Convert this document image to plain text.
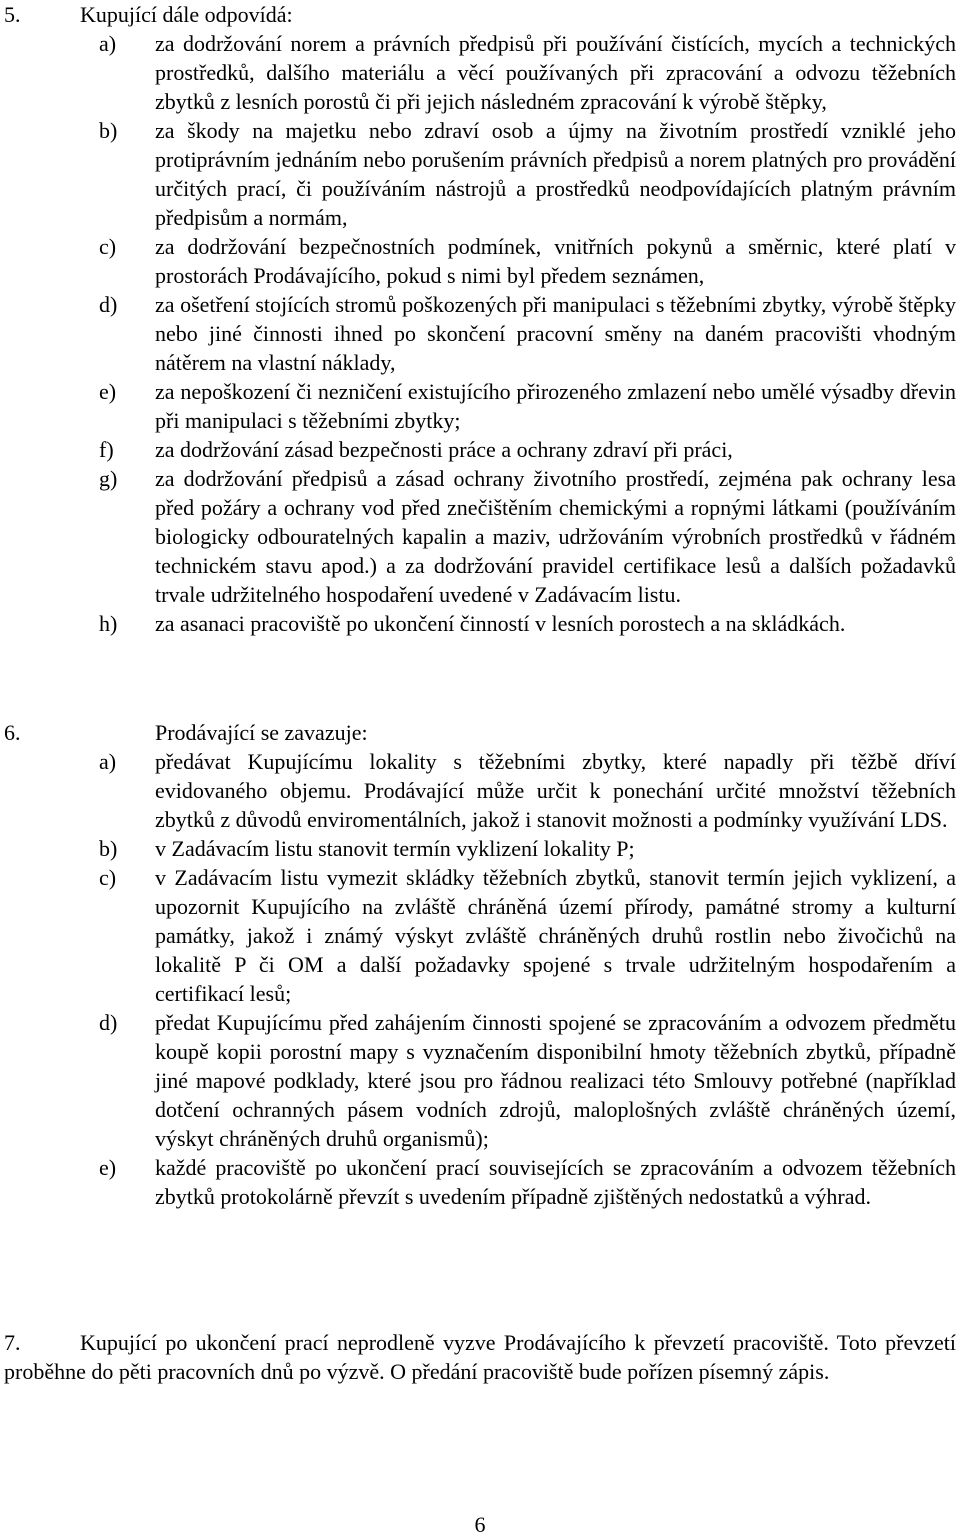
5.	Kupující dále odpovídá:
a) za dodržování norem a právních předpisů při používání čistících, mycích a technických prostředků, dalšího materiálu a věcí používaných při zpracování a odvozu těžebních zbytků z lesních porostů či při jejich následném zpracování k výrobě štěpky,
b) za škody na majetku nebo zdraví osob a újmy na životním prostředí vzniklé jeho protiprávním jednáním nebo porušením právních předpisů a norem platných pro provádění určitých prací, či používáním nástrojů a prostředků neodpovídajících platným právním předpisům a normám,
c) za dodržování bezpečnostních podmínek, vnitřních pokynů a směrnic, které platí v prostorách Prodávajícího, pokud s nimi byl předem seznámen,
d) za ošetření stojících stromů poškozených při manipulaci s těžebními zbytky, výrobě štěpky nebo jiné činnosti ihned po skončení pracovní směny na daném pracovišti vhodným nátěrem na vlastní náklady,
e) za nepoškození či nezničení existujícího přirozeného zmlazení nebo umělé výsadby dřevin při manipulaci s těžebními zbytky;
f) za dodržování zásad bezpečnosti práce a ochrany zdraví při práci,
g) za dodržování předpisů a zásad ochrany životního prostředí, zejména pak ochrany lesa před požáry a ochrany vod před znečištěním chemickými a ropnými látkami (používáním biologicky odbouratelných kapalin a maziv, udržováním výrobních prostředků v řádném technickém stavu apod.) a za dodržování pravidel certifikace lesů a dalších požadavků trvale udržitelného hospodaření uvedené v Zadávacím listu.
h) za asanaci pracoviště po ukončení činností v lesních porostech a na skládkách.
6.	Prodávající se zavazuje:
a) předávat Kupujícímu lokality s těžebními zbytky, které napadly při těžbě dříví evidovaného objemu. Prodávající může určit k ponechání určité množství těžebních zbytků z důvodů enviromentálních, jakož i stanovit možnosti a podmínky využívání LDS.
b) v Zadávacím listu stanovit termín vyklizení lokality P;
c) v Zadávacím listu vymezit skládky těžebních zbytků, stanovit termín jejich vyklizení, a upozornit Kupujícího na zvláště chráněná území přírody, památné stromy a kulturní památky, jakož i známý výskyt zvláště chráněných druhů rostlin nebo živočichů na lokalitě P či OM a další požadavky spojené s trvale udržitelným hospodařením a certifikací lesů;
d) předat Kupujícímu před zahájením činnosti spojené se zpracováním a odvozem předmětu koupě kopii porostní mapy s vyznačením disponibilní hmoty těžebních zbytků, případně jiné mapové podklady, které jsou pro řádnou realizaci této Smlouvy potřebné (například dotčení ochranných pásem vodních zdrojů, maloplošných zvláště chráněných území, výskyt chráněných druhů organismů);
e) každé pracoviště po ukončení prací souvisejících se zpracováním a odvozem těžebních zbytků protokolárně převzít s uvedením případně zjištěných nedostatků a výhrad.
7.	Kupující po ukončení prací neprodleně vyzve Prodávajícího k převzetí pracoviště. Toto převzetí proběhne do pěti pracovních dnů po výzvě. O předání pracoviště bude pořízen písemný zápis.
6
